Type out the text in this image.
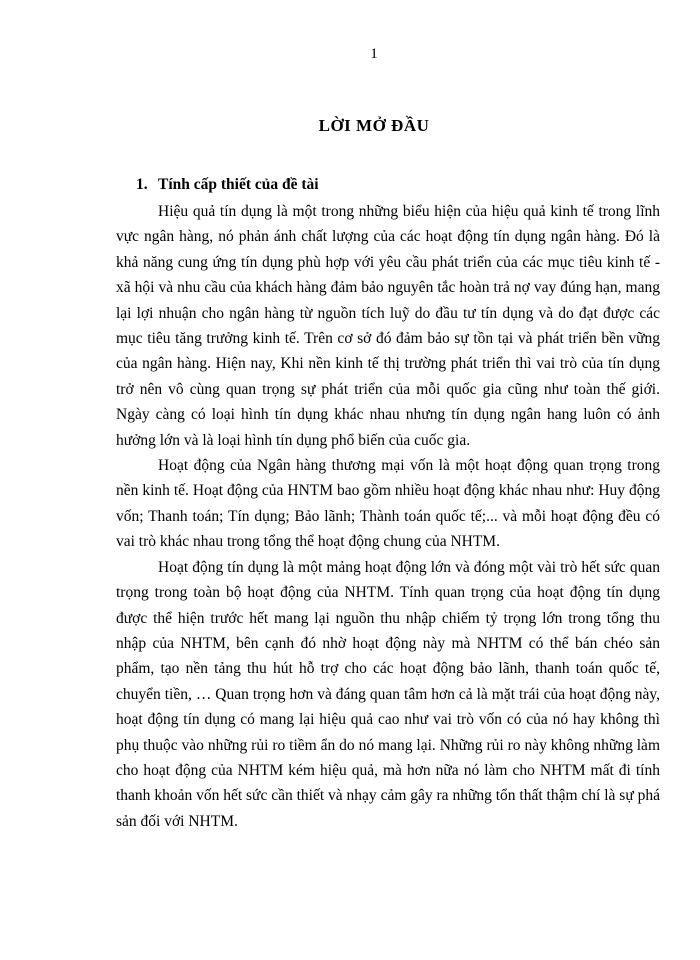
1
LỜI MỞ ĐẦU
1. Tính cấp thiết của đề tài

Hiệu quả tín dụng là một trong những biểu hiện của hiệu quả kinh tế trong lĩnh vực ngân hàng, nó phản ánh chất lượng của các hoạt động tín dụng ngân hàng. Đó là khả năng cung ứng tín dụng phù hợp với yêu cầu phát triển của các mục tiêu kinh tế - xã hội và nhu cầu của khách hàng đảm bảo nguyên tắc hoàn trả nợ vay đúng hạn, mang lại lợi nhuận cho ngân hàng từ nguồn tích luỹ do đầu tư tín dụng và do đạt được các mục tiêu tăng trưởng kinh tế. Trên cơ sở đó đảm bảo sự tồn tại và phát triển bền vững của ngân hàng. Hiện nay, Khi nền kinh tế thị trường phát triển thì vai trò của tín dụng trở nên vô cùng quan trọng sự phát triển của mỗi quốc gia cũng như toàn thế giới. Ngày càng có loại hình tín dụng khác nhau nhưng tín dụng ngân hang luôn có ảnh hưởng lớn và là loại hình tín dụng phổ biến của cuốc gia.

Hoạt động của Ngân hàng thương mại vốn là một hoạt động quan trọng trong nền kinh tế. Hoạt động của HNTM bao gồm nhiều hoạt động khác nhau như: Huy động vốn; Thanh toán; Tín dụng; Bảo lãnh; Thành toán quốc tế;... và mỗi hoạt động đều có vai trò khác nhau trong tổng thể hoạt động chung của NHTM.

Hoạt động tín dụng là một mảng hoạt động lớn và đóng một vài trò hết sức quan trọng trong toàn bộ hoạt động của NHTM. Tính quan trọng của hoạt động tín dụng được thể hiện trước hết mang lại nguồn thu nhập chiếm tỷ trọng lớn trong tổng thu nhập của NHTM, bên cạnh đó nhờ hoạt động này mà NHTM có thể bán chéo sản phẩm, tạo nền tảng thu hút hỗ trợ cho các hoạt động bảo lãnh, thanh toán quốc tế, chuyển tiền, … Quan trọng hơn và đáng quan tâm hơn cả là mặt trái của hoạt động này, hoạt động tín dụng có mang lại hiệu quả cao như vai trò vốn có của nó hay không thì phụ thuộc vào những rủi ro tiềm ẩn do nó mang lại. Những rủi ro này không những làm cho hoạt động của NHTM kém hiệu quả, mà hơn nữa nó làm cho NHTM mất đi tính thanh khoản vốn hết sức cần thiết và nhạy cảm gây ra những tổn thất thậm chí là sự phá sản đối với NHTM.
